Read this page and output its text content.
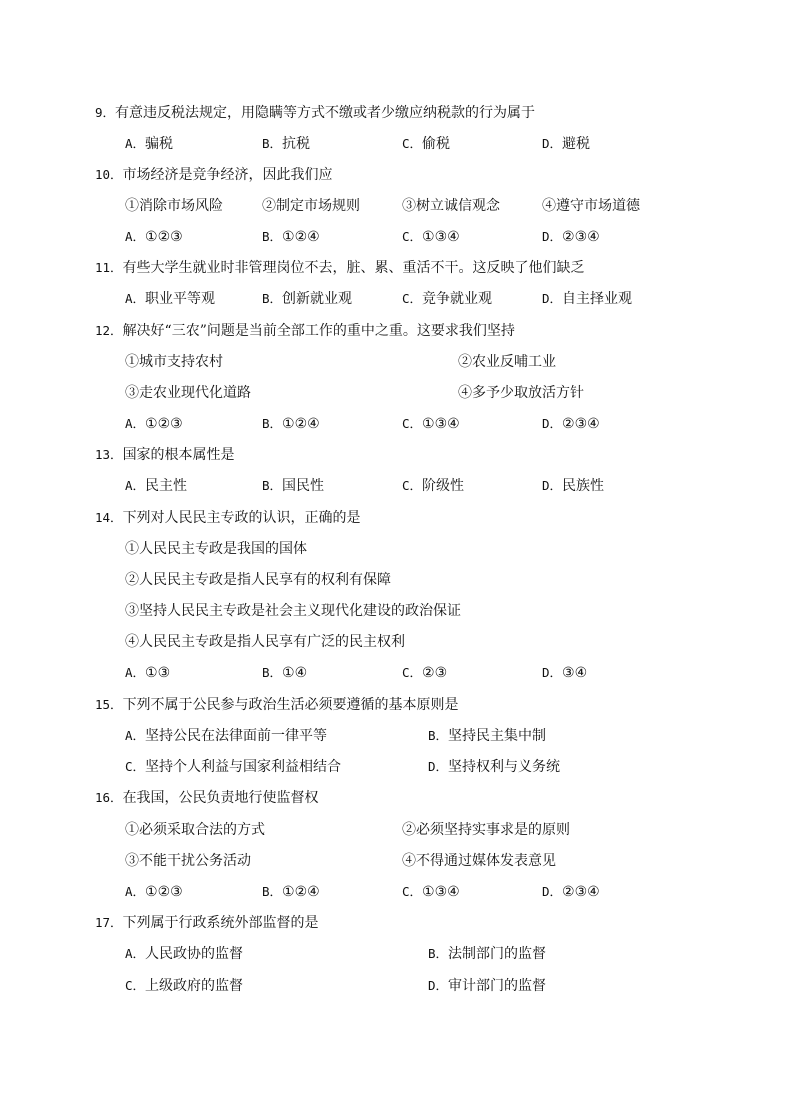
9．有意违反税法规定，用隐瞒等方式不缴或者少缴应纳税款的行为属于
A．骗税	B．抗税	C．偷税	D．避税
10．市场经济是竞争经济，因此我们应
①消除市场风险	②制定市场规则	③树立诚信观念	④遵守市场道德
A．①②③	B．①②④	C．①③④	D．②③④
11．有些大学生就业时非管理岗位不去，脏、累、重活不干。这反映了他们缺乏
A．职业平等观	B．创新就业观	C．竞争就业观	D．自主择业观
12．解决好“三农”问题是当前全部工作的重中之重。这要求我们坚持
①城市支持农村	②农业反哺工业
③走农业现代化道路	④多予少取放活方针
A．①②③	B．①②④	C．①③④	D．②③④
13．国家的根本属性是
A．民主性	B．国民性	C．阶级性	D．民族性
14．下列对人民民主专政的认识，正确的是
①人民民主专政是我国的国体
②人民民主专政是指人民享有的权利有保障
③坚持人民民主专政是社会主义现代化建设的政治保证
④人民民主专政是指人民享有广泛的民主权利
A．①③	B．①④	C．②③	D．③④
15．下列不属于公民参与政治生活必须要遵循的基本原则是
A．坚持公民在法律面前一律平等	B．坚持民主集中制
C．坚持个人利益与国家利益相结合	D．坚持权利与义务统
16．在我国，公民负责地行使监督权
①必须采取合法的方式	②必须坚持实事求是的原则
③不能干扰公务活动	④不得通过媒体发表意见
A．①②③	B．①②④	C．①③④	D．②③④
17．下列属于行政系统外部监督的是
A．人民政协的监督	B．法制部门的监督
C．上级政府的监督	D．审计部门的监督
